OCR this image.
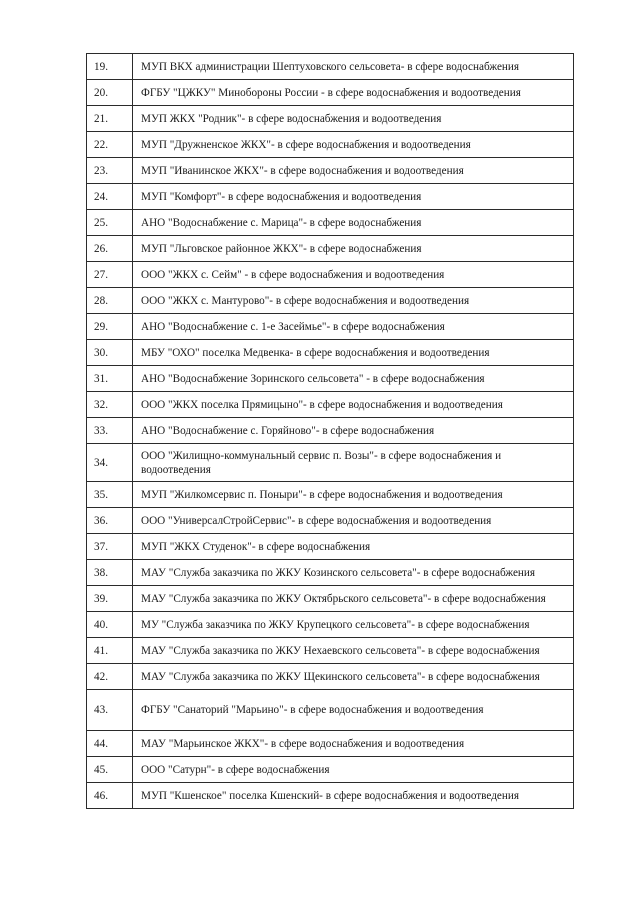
19.	МУП ВКХ администрации Шептуховского сельсовета- в сфере водоснабжения
20.	ФГБУ "ЦЖКУ" Минобороны России - в сфере водоснабжения и водоотведения
21.	МУП ЖКХ "Родник"- в сфере водоснабжения и водоотведения
22.	МУП "Дружненское ЖКХ"- в сфере водоснабжения и водоотведения
23.	МУП "Иванинское ЖКХ"- в сфере водоснабжения и водоотведения
24.	МУП "Комфорт"- в сфере водоснабжения и водоотведения
25.	АНО "Водоснабжение с. Марица"- в сфере водоснабжения
26.	МУП "Льговское районное ЖКХ"- в сфере водоснабжения
27.	ООО "ЖКХ с. Сейм" - в сфере водоснабжения и водоотведения
28.	ООО "ЖКХ с. Мантурово"- в сфере водоснабжения и водоотведения
29.	АНО "Водоснабжение с. 1-е Засеймье"- в сфере водоснабжения
30.	МБУ "ОХО" поселка Медвенка- в сфере водоснабжения и водоотведения
31.	АНО "Водоснабжение Зоринского сельсовета" - в сфере водоснабжения
32.	ООО "ЖКХ поселка Прямицыно"- в сфере водоснабжения и водоотведения
33.	АНО "Водоснабжение с. Горяйново"- в сфере водоснабжения
34.	ООО "Жилищно-коммунальный сервис п. Возы"- в сфере водоснабжения и водоотведения
35.	МУП "Жилкомсервис п. Поныри"- в сфере водоснабжения и водоотведения
36.	ООО "УниверсалСтройСервис"- в сфере водоснабжения и водоотведения
37.	МУП "ЖКХ Студенок"- в сфере водоснабжения
38.	МАУ "Служба заказчика по ЖКУ Козинского сельсовета"- в сфере водоснабжения
39.	МАУ "Служба заказчика по ЖКУ Октябрьского сельсовета"- в сфере водоснабжения
40.	МУ "Служба заказчика по ЖКУ Крупецкого сельсовета"- в сфере водоснабжения
41.	МАУ "Служба заказчика по ЖКУ Нехаевского сельсовета"- в сфере водоснабжения
42.	МАУ "Служба заказчика по ЖКУ Щекинского сельсовета"- в сфере водоснабжения
43.	ФГБУ "Санаторий "Марьино"- в сфере водоснабжения и водоотведения
44.	МАУ "Марьинское ЖКХ"- в сфере водоснабжения и водоотведения
45.	ООО "Сатурн"- в сфере водоснабжения
46.	МУП "Кшенское" поселка Кшенский- в сфере водоснабжения и водоотведения
